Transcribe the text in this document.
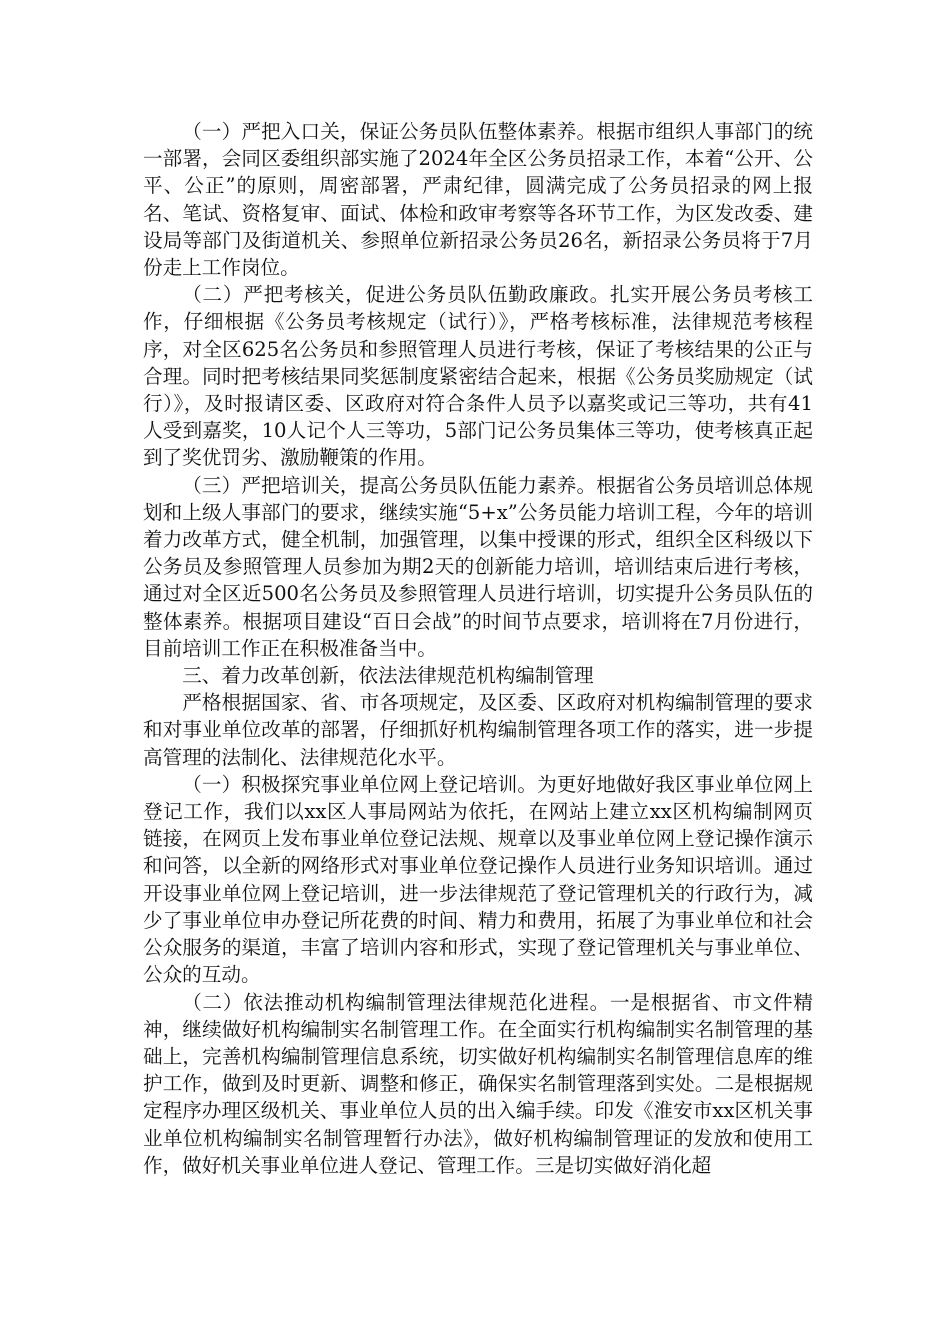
（一）严把入口关，保证公务员队伍整体素养。根据市组织人事部门的统一部署，会同区委组织部实施了2024年全区公务员招录工作，本着“公开、公平、公正”的原则，周密部署，严肃纪律，圆满完成了公务员招录的网上报名、笔试、资格复审、面试、体检和政审考察等各环节工作，为区发改委、建设局等部门及街道机关、参照单位新招录公务员26名，新招录公务员将于7月份走上工作岗位。

（二）严把考核关，促进公务员队伍勤政廉政。扎实开展公务员考核工作，仔细根据《公务员考核规定（试行）》，严格考核标准，法律规范考核程序，对全区625名公务员和参照管理人员进行考核，保证了考核结果的公正与合理。同时把考核结果同奖惩制度紧密结合起来，根据《公务员奖励规定（试行）》，及时报请区委、区政府对符合条件人员予以嘉奖或记三等功，共有41人受到嘉奖，10人记个人三等功，5部门记公务员集体三等功，使考核真正起到了奖优罚劣、激励鞭策的作用。

（三）严把培训关，提高公务员队伍能力素养。根据省公务员培训总体规划和上级人事部门的要求，继续实施“5+x”公务员能力培训工程，今年的培训着力改革方式，健全机制，加强管理，以集中授课的形式，组织全区科级以下公务员及参照管理人员参加为期2天的创新能力培训，培训结束后进行考核，通过对全区近500名公务员及参照管理人员进行培训，切实提升公务员队伍的整体素养。根据项目建设“百日会战”的时间节点要求，培训将在7月份进行，目前培训工作正在积极准备当中。

三、着力改革创新，依法法律规范机构编制管理

严格根据国家、省、市各项规定，及区委、区政府对机构编制管理的要求和对事业单位改革的部署，仔细抓好机构编制管理各项工作的落实，进一步提高管理的法制化、法律规范化水平。

（一）积极探究事业单位网上登记培训。为更好地做好我区事业单位网上登记工作，我们以xx区人事局网站为依托，在网站上建立xx区机构编制网页链接，在网页上发布事业单位登记法规、规章以及事业单位网上登记操作演示和问答，以全新的网络形式对事业单位登记操作人员进行业务知识培训。通过开设事业单位网上登记培训，进一步法律规范了登记管理机关的行政行为，减少了事业单位申办登记所花费的时间、精力和费用，拓展了为事业单位和社会公众服务的渠道，丰富了培训内容和形式，实现了登记管理机关与事业单位、公众的互动。

（二）依法推动机构编制管理法律规范化进程。一是根据省、市文件精神，继续做好机构编制实名制管理工作。在全面实行机构编制实名制管理的基础上，完善机构编制管理信息系统，切实做好机构编制实名制管理信息库的维护工作，做到及时更新、调整和修正，确保实名制管理落到实处。二是根据规定程序办理区级机关、事业单位人员的出入编手续。印发《淮安市xx区机关事业单位机构编制实名制管理暂行办法》，做好机构编制管理证的发放和使用工作，做好机关事业单位进人登记、管理工作。三是切实做好消化超
